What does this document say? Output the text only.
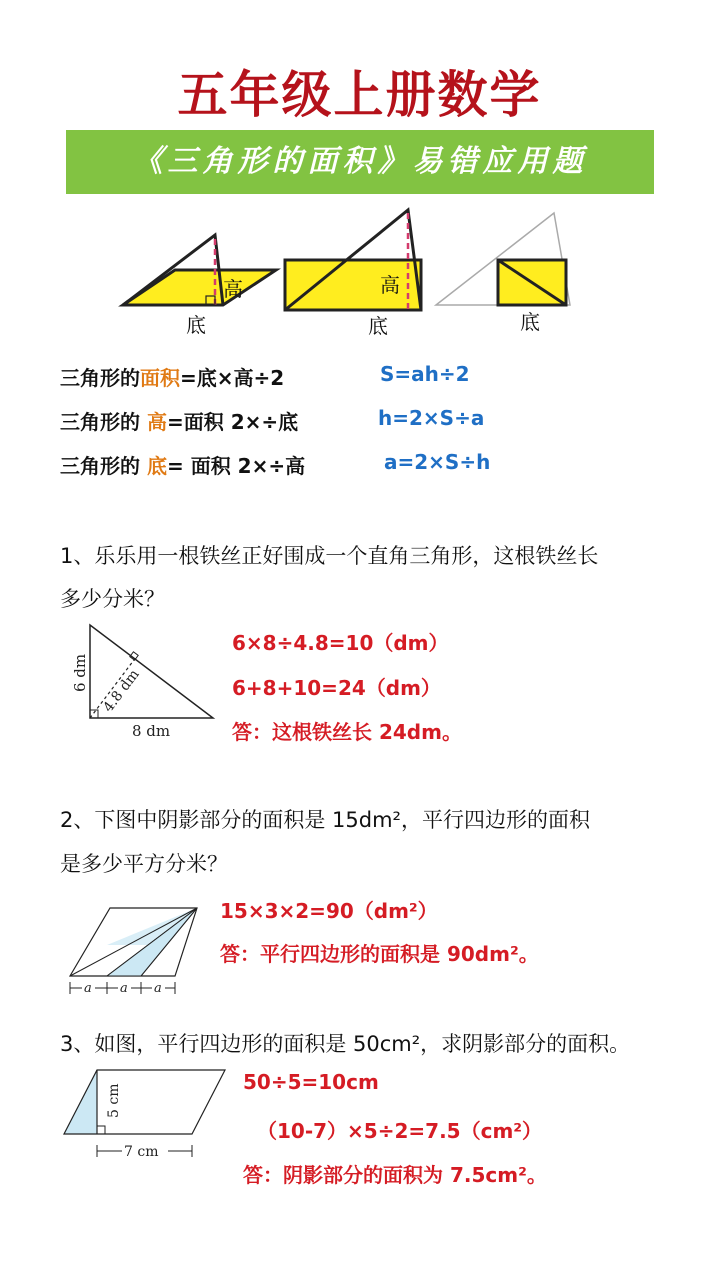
五年级上册数学
《三角形的面积》易错应用题
高
底
高
底	底
三角形的面积=底×高÷2	S=ah÷2
三角形的 高=面积 2×÷底	h=2×S÷a
三角形的 底= 面积 2×÷高	a=2×S÷h
1、乐乐用一根铁丝正好围成一个直角三角形，这根铁丝长
多少分米？
6 dm 4.8 dm
8 dm
6×8÷4.8=10（dm）
6+8+10=24（dm）
答：这根铁丝长 24dm。
2、下图中阴影部分的面积是 15dm²，平行四边形的面积
是多少平方分米？
a a a
15×3×2=90（dm²）
答：平行四边形的面积是 90dm²。
3、如图，平行四边形的面积是 50cm²，求阴影部分的面积。
5 cm
7 cm
50÷5=10cm
（10-7）×5÷2=7.5（cm²）
答：阴影部分的面积为 7.5cm²。
